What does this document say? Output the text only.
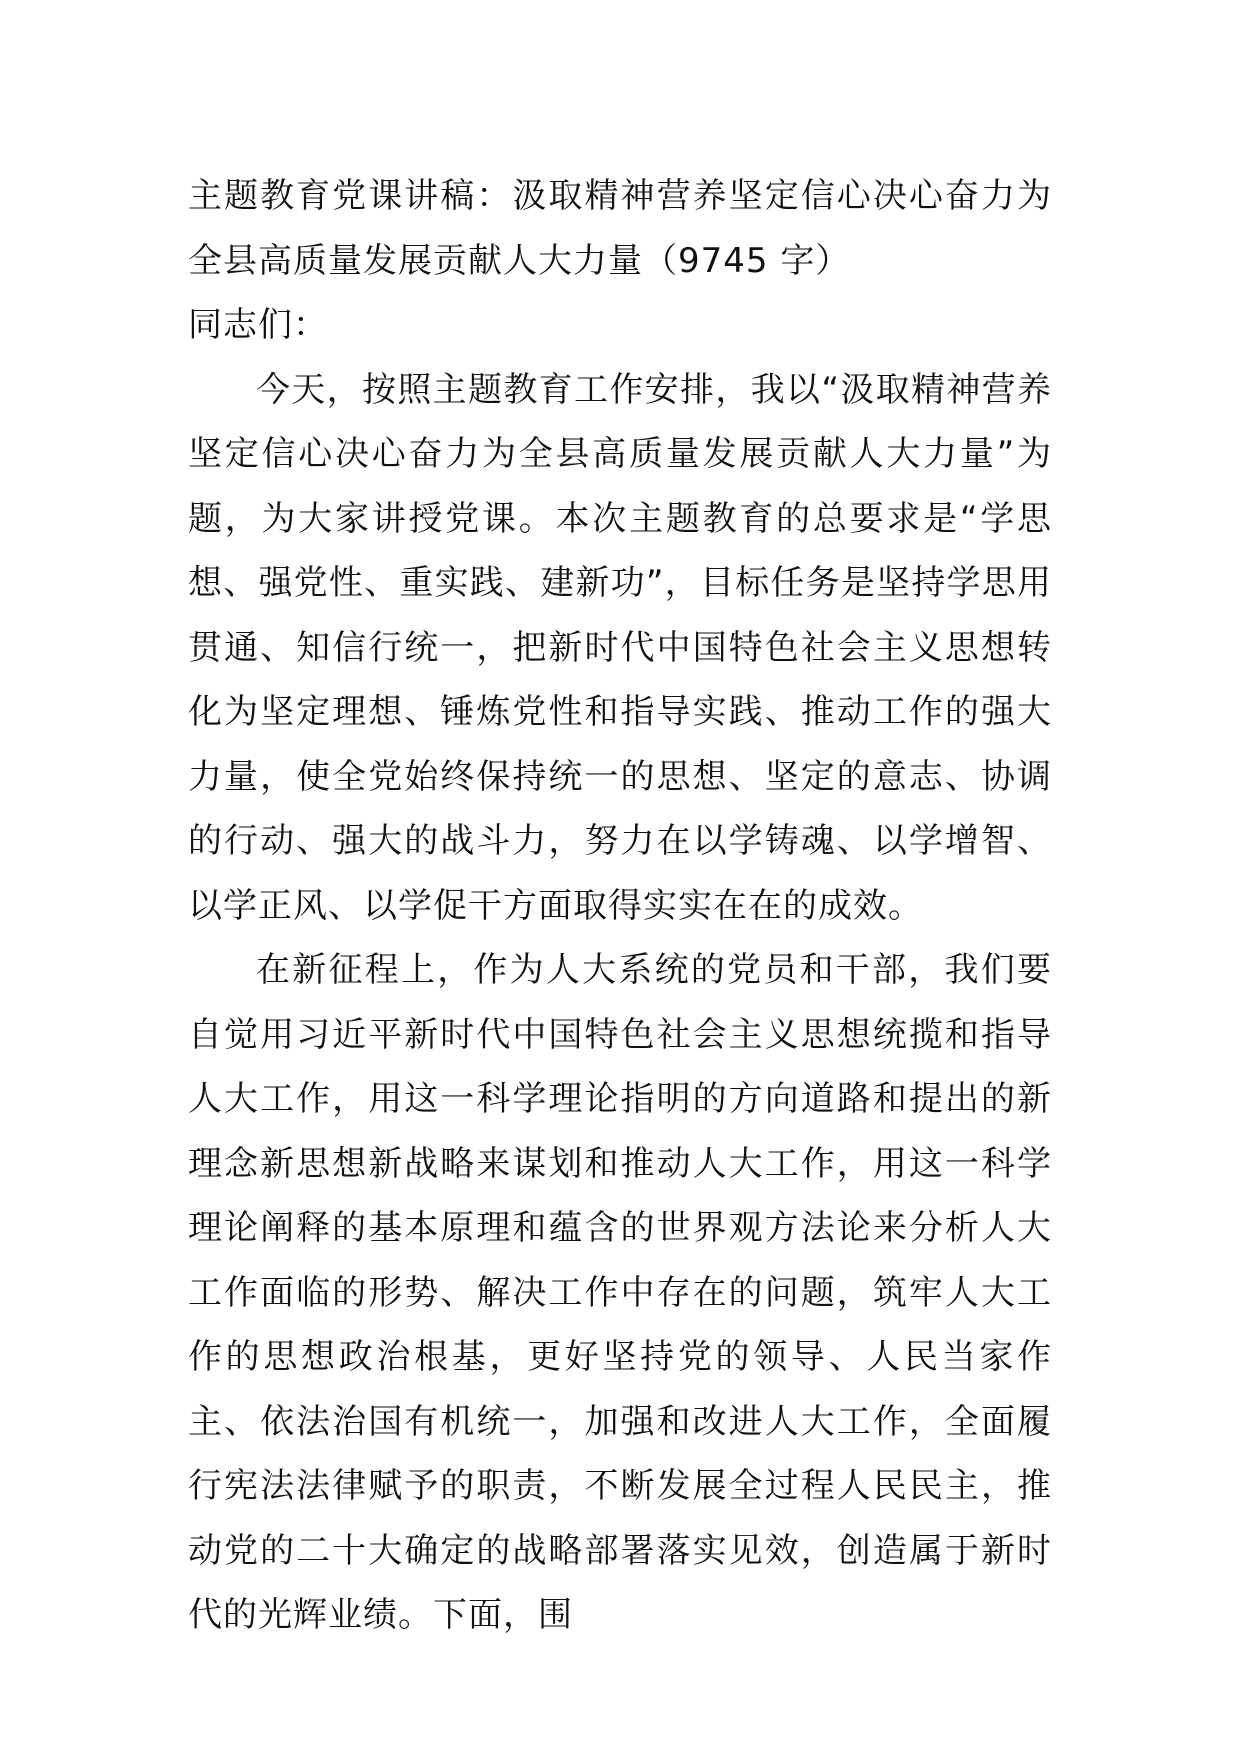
主题教育党课讲稿：汲取精神营养坚定信心决心奋力为全县高质量发展贡献人大力量（9745 字）

同志们：

今天，按照主题教育工作安排，我以“汲取精神营养坚定信心决心奋力为全县高质量发展贡献人大力量”为题，为大家讲授党课。本次主题教育的总要求是“学思想、强党性、重实践、建新功”，目标任务是坚持学思用贯通、知信行统一，把新时代中国特色社会主义思想转化为坚定理想、锤炼党性和指导实践、推动工作的强大力量，使全党始终保持统一的思想、坚定的意志、协调的行动、强大的战斗力，努力在以学铸魂、以学增智、以学正风、以学促干方面取得实实在在的成效。

在新征程上，作为人大系统的党员和干部，我们要自觉用习近平新时代中国特色社会主义思想统揽和指导人大工作，用这一科学理论指明的方向道路和提出的新理念新思想新战略来谋划和推动人大工作，用这一科学理论阐释的基本原理和蕴含的世界观方法论来分析人大工作面临的形势、解决工作中存在的问题，筑牢人大工作的思想政治根基，更好坚持党的领导、人民当家作主、依法治国有机统一，加强和改进人大工作，全面履行宪法法律赋予的职责，不断发展全过程人民民主，推动党的二十大确定的战略部署落实见效，创造属于新时代的光辉业绩。下面，围
